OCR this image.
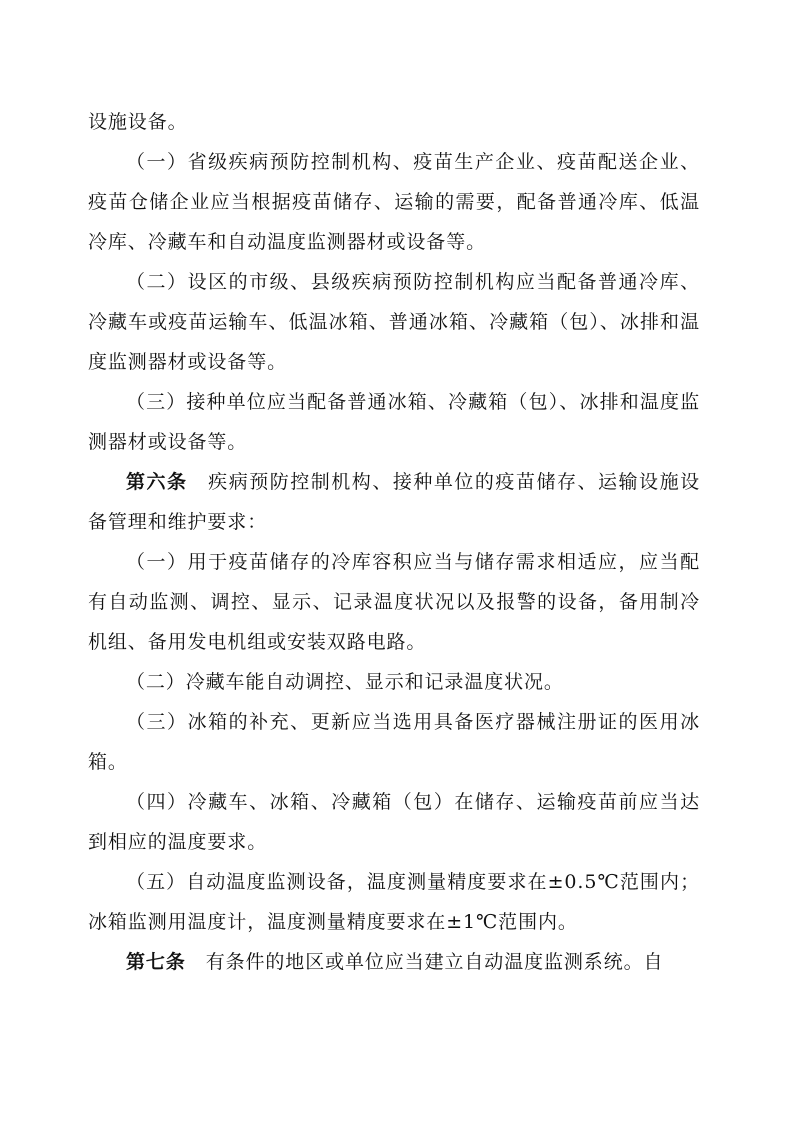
设施设备。

（一）省级疾病预防控制机构、疫苗生产企业、疫苗配送企业、疫苗仓储企业应当根据疫苗储存、运输的需要，配备普通冷库、低温冷库、冷藏车和自动温度监测器材或设备等。

（二）设区的市级、县级疾病预防控制机构应当配备普通冷库、冷藏车或疫苗运输车、低温冰箱、普通冰箱、冷藏箱（包）、冰排和温度监测器材或设备等。

（三）接种单位应当配备普通冰箱、冷藏箱（包）、冰排和温度监测器材或设备等。

第六条 疾病预防控制机构、接种单位的疫苗储存、运输设施设备管理和维护要求：

（一）用于疫苗储存的冷库容积应当与储存需求相适应，应当配有自动监测、调控、显示、记录温度状况以及报警的设备，备用制冷机组、备用发电机组或安装双路电路。

（二）冷藏车能自动调控、显示和记录温度状况。

（三）冰箱的补充、更新应当选用具备医疗器械注册证的医用冰箱。

（四）冷藏车、冰箱、冷藏箱（包）在储存、运输疫苗前应当达到相应的温度要求。

（五）自动温度监测设备，温度测量精度要求在±0.5℃范围内；冰箱监测用温度计，温度测量精度要求在±1℃范围内。

第七条 有条件的地区或单位应当建立自动温度监测系统。自
